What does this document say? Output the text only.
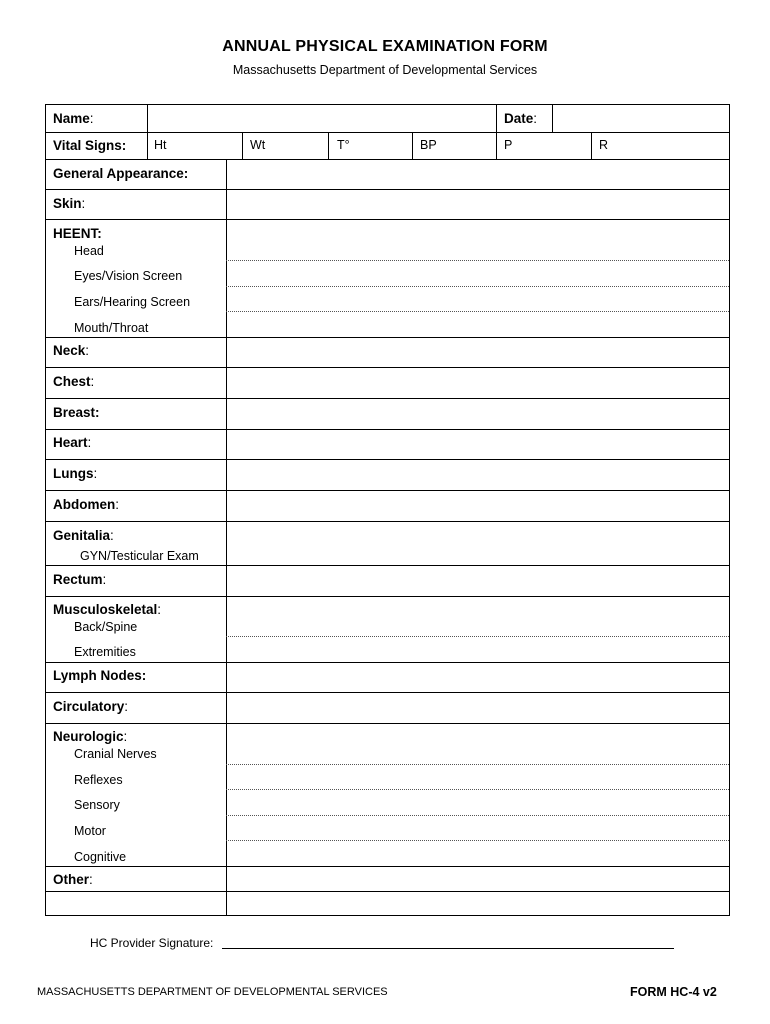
ANNUAL PHYSICAL EXAMINATION FORM
Massachusetts Department of Developmental Services
Name:	Date:
Vital Signs: Ht	Wt	T°	BP	P	R
General Appearance:
Skin:
HEENT:
Head
Eyes/Vision Screen
Ears/Hearing Screen
Mouth/Throat
Neck:
Chest:
Breast:
Heart:
Lungs:
Abdomen:
Genitalia:
GYN/Testicular Exam
Rectum:
Musculoskeletal:
Back/Spine
Extremities
Lymph Nodes:
Circulatory:
Neurologic:
Cranial Nerves
Reflexes
Sensory
Motor
Cognitive
Other:
HC Provider Signature:
MASSACHUSETTS DEPARTMENT OF DEVELOPMENTAL SERVICES	FORM HC-4 v2
